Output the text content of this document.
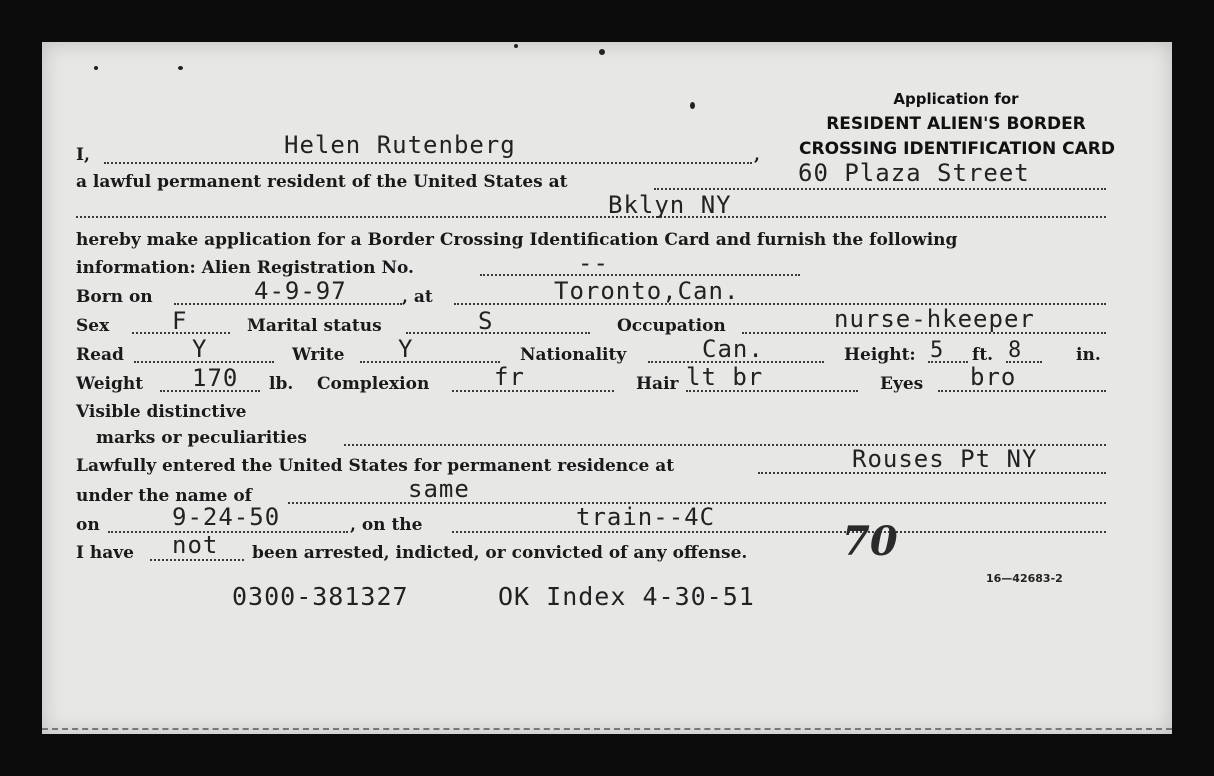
Application for
RESIDENT ALIEN'S BORDER
CROSSING IDENTIFICATION CARD
I,	,
Helen Rutenberg
a lawful permanent resident of the United States at	60 Plaza Street
Bklyn NY
hereby make application for a Border Crossing Identification Card and furnish the following
information: Alien Registration No.	--
Born on	4-9-97	, at	Toronto,Can.
Sex	F	Marital status	S	Occupation	nurse-hkeeper
Read	Y	Write Y	Nationality	Can.	Height: 5 ft. 8	in.
Weight 170 lb. Complexion	fr	Hair lt br	Eyes bro
Visible distinctive
marks or peculiarities
Lawfully entered the United States for permanent residence at	Rouses Pt NY
under the name of	same
on	9-24-50	, on the	train--4C
I have not been arrested, indicted, or convicted of any offense. 70
16—42683-2
0300-381327	OK Index 4-30-51
